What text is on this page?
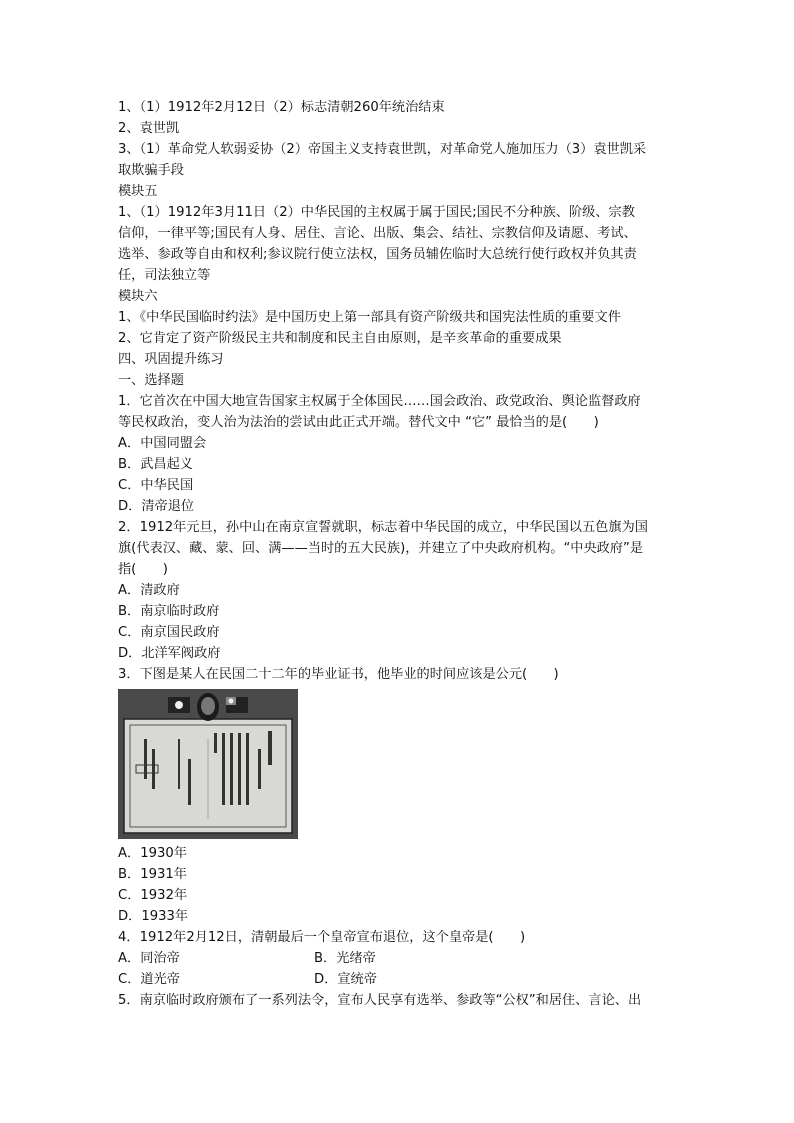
1、（1）1912年2月12日（2）标志清朝260年统治结束

2、袁世凯

3、（1）革命党人软弱妥协（2）帝国主义支持袁世凯，对革命党人施加压力（3）袁世凯采

取欺骗手段

模块五

1、（1）1912年3月11日（2）中华民国的主权属于属于国民;国民不分种族、阶级、宗教

信仰，一律平等;国民有人身、居住、言论、出版、集会、结社、宗教信仰及请愿、考试、

选举、参政等自由和权利;参议院行使立法权，国务员辅佐临时大总统行使行政权并负其责

任，司法独立等

模块六

1、《中华民国临时约法》是中国历史上第一部具有资产阶级共和国宪法性质的重要文件

2、它肯定了资产阶级民主共和制度和民主自由原则，是辛亥革命的重要成果

四、巩固提升练习

一、选择题

1．它首次在中国大地宣告国家主权属于全体国民……国会政治、政党政治、舆论监督政府

等民权政治，变人治为法治的尝试由此正式开端。替代文中 “它” 最恰当的是(　　)

A．中国同盟会

B．武昌起义

C．中华民国

D．清帝退位

2．1912年元旦，孙中山在南京宣誓就职，标志着中华民国的成立，中华民国以五色旗为国

旗(代表汉、藏、蒙、回、满——当时的五大民族)，并建立了中央政府机构。“中央政府”是

指(　　)

A．清政府

B．南京临时政府

C．南京国民政府

D．北洋军阀政府

3．下图是某人在民国二十二年的毕业证书，他毕业的时间应该是公元(　　)

A．1930年

B．1931年

C．1932年

D．1933年

4．1912年2月12日，清朝最后一个皇帝宣布退位，这个皇帝是(　　)

A．同治帝	B．光绪帝
C．道光帝	D．宣统帝

5．南京临时政府颁布了一系列法令，宣布人民享有选举、参政等“公权”和居住、言论、出
